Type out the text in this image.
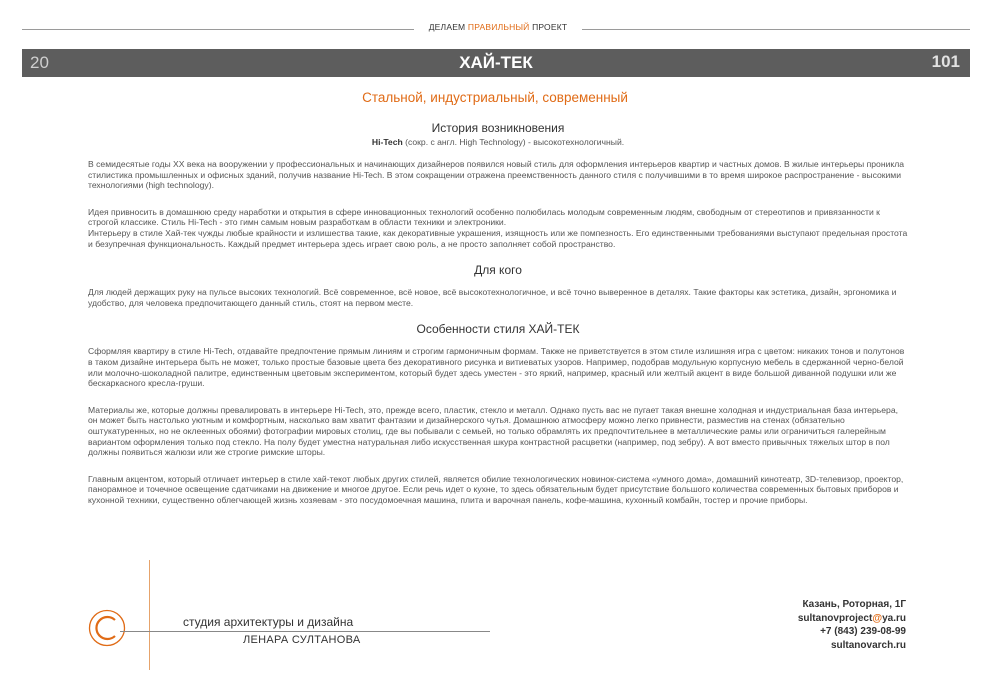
ДЕЛАЕМ ПРАВИЛЬНЫЙ ПРОЕКТ
20	ХАЙ-ТЕК	101
Стальной, индустриальный, современный
История возникновения
Hi-Tech (сокр. с англ. High Technology) - высокотехнологичный.

В семидесятые годы XX века на вооружении у профессиональных и начинающих дизайнеров появился новый стиль для оформления интерьеров квартир и частных домов. В жилые интерьеры проникла стилистика промышленных и офисных зданий, получив название Hi-Tech. В этом сокращении отражена преемственность данного стиля с получившими в то время широкое распространение - высокими технологиями (high technology).

Идея привносить в домашнюю среду наработки и открытия в сфере инновационных технологий особенно полюбилась молодым современным людям, свободным от стереотипов и привязанности к строгой классике. Стиль Hi-Tech - это гимн самым новым разработкам в области техники и электроники.

Интерьеру в стиле Хай-тек чужды любые крайности и излишества такие, как декоративные украшения, изящность или же помпезность. Его единственными требованиями выступают предельная простота и безупречная функциональность. Каждый предмет интерьера здесь играет свою роль, а не просто заполняет собой пространство.

Для кого

Для людей держащих руку на пульсе высоких технологий. Всё современное, всё новое, всё высокотехнологичное, и всё точно выверенное в деталях. Такие факторы как эстетика, дизайн, эргономика и удобство, для человека предпочитающего данный стиль, стоят на первом месте.

Особенности стиля ХАЙ-ТЕК

Сформляя квартиру в стиле Hi-Tech, отдавайте предпочтение прямым линиям и строгим гармоничным формам. Также не приветствуется в этом стиле излишняя игра с цветом: никаких тонов и полутонов в таком дизайне интерьера быть не может, только простые базовые цвета без декоративного рисунка и витиеватых узоров. Например, подобрав модульную корпусную мебель в сдержанной черно-белой или молочно-шоколадной палитре, единственным цветовым экспериментом, который будет здесь уместен - это яркий, например, красный или желтый акцент в виде большой диванной подушки или же бескаркасного кресла-груши.

Материалы же, которые должны превалировать в интерьере Hi-Tech, это, прежде всего, пластик, стекло и металл. Однако пусть вас не пугает такая внешне холодная и индустриальная база интерьера, он может быть настолько уютным и комфортным, насколько вам хватит фантазии и дизайнерского чутья. Домашнюю атмосферу можно легко привнести, разместив на стенах (обязательно оштукатуренных, но не оклеенных обоями) фотографии мировых столиц, где вы побывали с семьей, но только обрамлять их предпочтительнее в металлические рамы или ограничиться галерейным вариантом оформления только под стекло. На полу будет уместна натуральная либо искусственная шкура контрастной расцветки (например, под зебру). А вот вместо привычных тяжелых штор в пол должны появиться жалюзи или же строгие римские шторы.

Главным акцентом, который отличает интерьер в стиле хай-текот любых других стилей, является обилие технологических новинок-система «умного дома», домашний кинотеатр, 3D-телевизор, проектор, панорамное и точечное освещение сдатчиками на движение и многое другое. Если речь идет о кухне, то здесь обязательным будет присутствие большого количества современных бытовых приборов и кухонной техники, существенно облегчающей жизнь хозяевам - это посудомоечная машина, плита и варочная панель, кофе-машина, кухонный комбайн, тостер и прочие приборы.

студия архитектуры и дизайна
ЛЕНАРА СУЛТАНОВА
Казань, Роторная, 1Г
sultanovproject@ya.ru
+7 (843) 239-08-99
sultanovarch.ru
